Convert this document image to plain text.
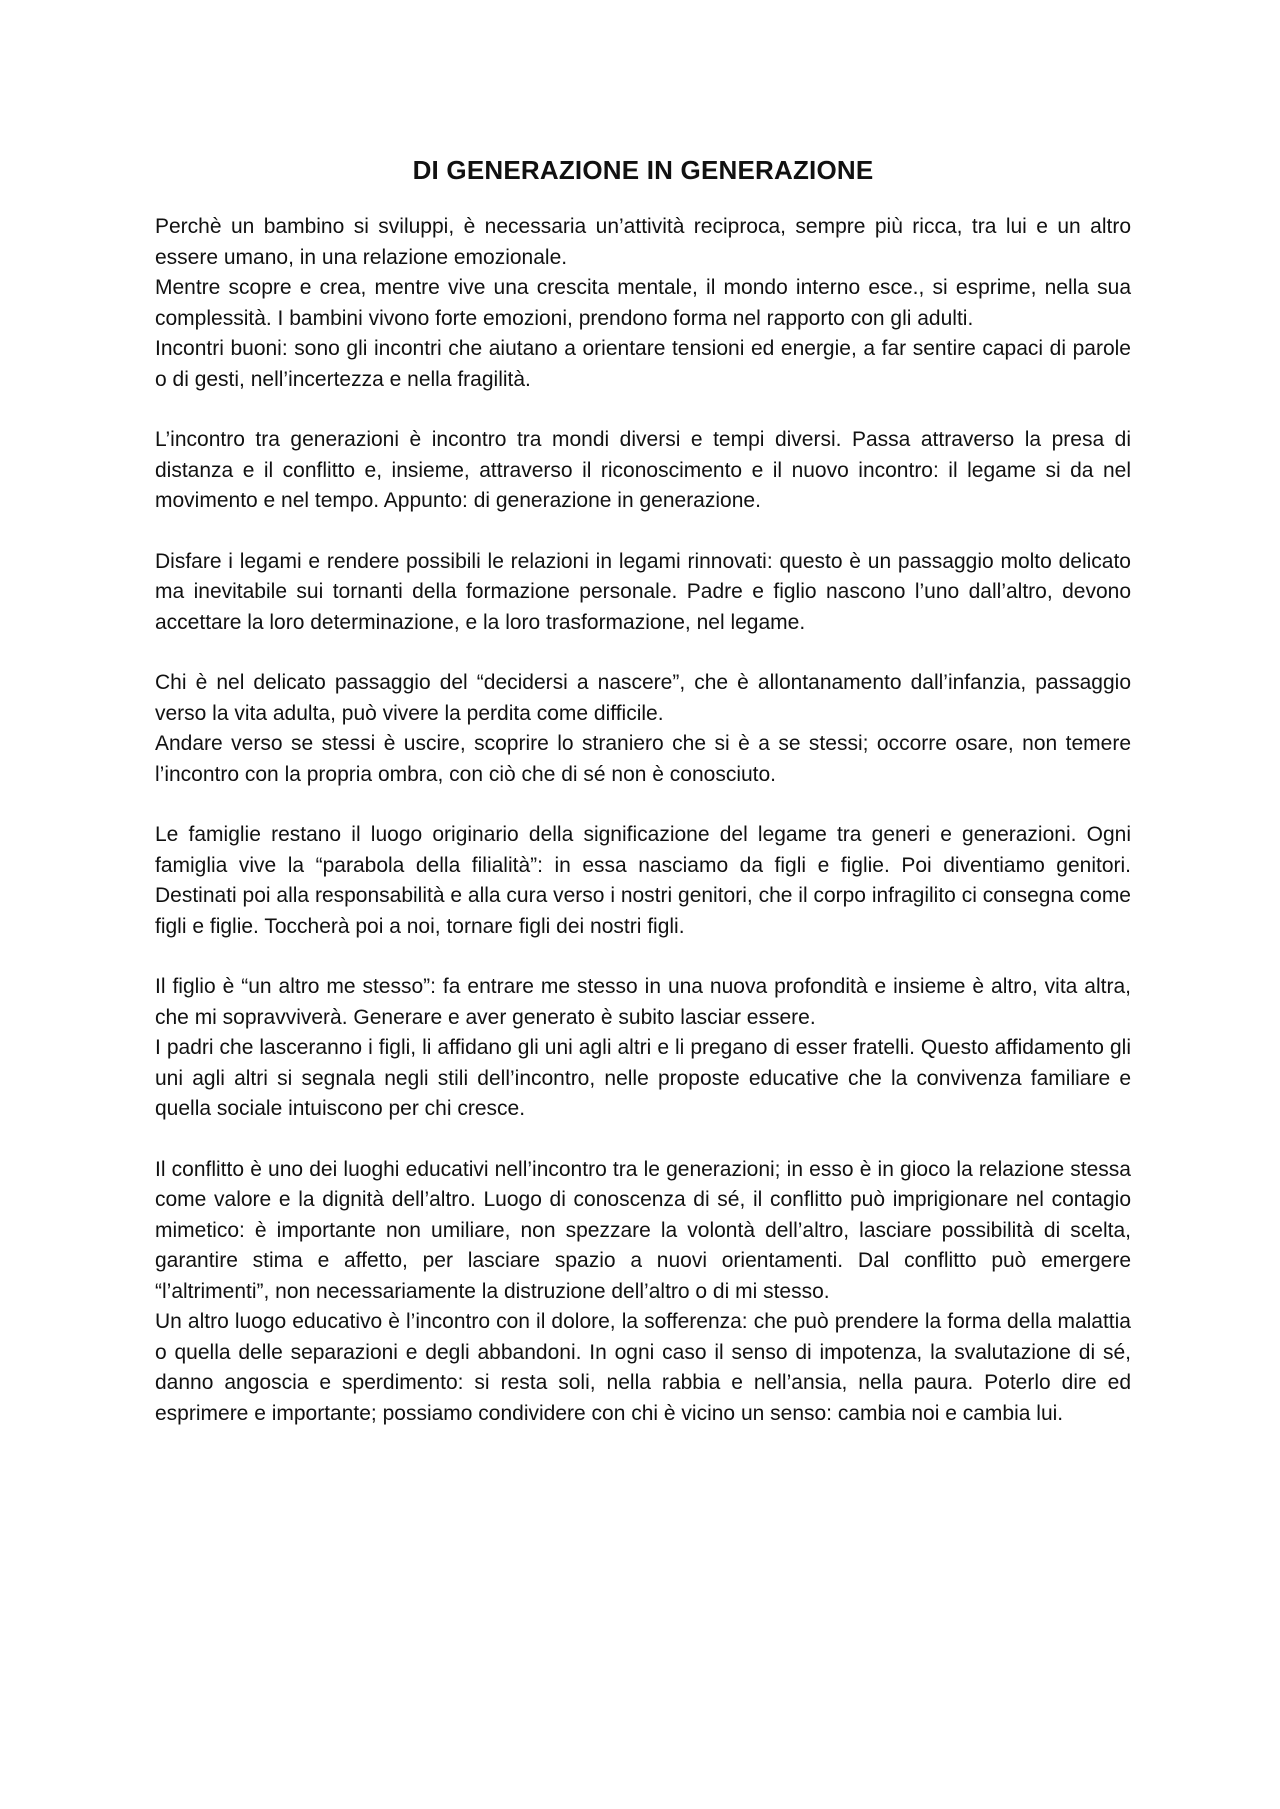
DI GENERAZIONE IN GENERAZIONE

Perchè un bambino si sviluppi, è necessaria un’attività reciproca, sempre più ricca, tra lui e un altro essere umano, in una relazione emozionale.

Mentre scopre e crea, mentre vive una crescita mentale, il mondo interno esce., si esprime, nella sua complessità. I bambini vivono forte emozioni, prendono forma nel rapporto con gli adulti.

Incontri buoni: sono gli incontri che aiutano a orientare tensioni ed energie, a far sentire capaci di parole o di gesti, nell’incertezza e nella fragilità.

L’incontro tra generazioni è incontro tra mondi diversi e tempi diversi. Passa attraverso la presa di distanza e il conflitto e, insieme, attraverso il riconoscimento e il nuovo incontro: il legame si da nel movimento e nel tempo. Appunto: di generazione in generazione.

Disfare i legami e rendere possibili le relazioni in legami rinnovati: questo è un passaggio molto delicato ma inevitabile sui tornanti della formazione personale. Padre e figlio nascono l’uno dall’altro, devono accettare la loro determinazione, e la loro trasformazione, nel legame.

Chi è nel delicato passaggio del “decidersi a nascere”, che è allontanamento dall’infanzia, passaggio verso la vita adulta, può vivere la perdita come difficile.

Andare verso se stessi è uscire, scoprire lo straniero che si è a se stessi; occorre osare, non temere l’incontro con la propria ombra, con ciò che di sé non è conosciuto.

Le famiglie restano il luogo originario della significazione del legame tra generi e generazioni. Ogni famiglia vive la “parabola della filialità”: in essa nasciamo da figli e figlie. Poi diventiamo genitori. Destinati poi alla responsabilità e alla cura verso i nostri genitori, che il corpo infragilito ci consegna come figli e figlie. Toccherà poi a noi, tornare figli dei nostri figli.

Il figlio è “un altro me stesso”: fa entrare me stesso in una nuova profondità e insieme è altro, vita altra, che mi sopravviverà. Generare e aver generato è subito lasciar essere.

I padri che lasceranno i figli, li affidano gli uni agli altri e li pregano di esser fratelli. Questo affidamento gli uni agli altri si segnala negli stili dell’incontro, nelle proposte educative che la convivenza familiare e quella sociale intuiscono per chi cresce.

Il conflitto è uno dei luoghi educativi nell’incontro tra le generazioni; in esso è in gioco la relazione stessa come valore e la dignità dell’altro. Luogo di conoscenza di sé, il conflitto può imprigionare nel contagio mimetico: è importante non umiliare, non spezzare la volontà dell’altro, lasciare possibilità di scelta, garantire stima e affetto, per lasciare spazio a nuovi orientamenti. Dal conflitto può emergere “l’altrimenti”, non necessariamente la distruzione dell’altro o di mi stesso.

Un altro luogo educativo è l’incontro con il dolore, la sofferenza: che può prendere la forma della malattia o quella delle separazioni e degli abbandoni. In ogni caso il senso di impotenza, la svalutazione di sé, danno angoscia e sperdimento: si resta soli, nella rabbia e nell’ansia, nella paura. Poterlo dire ed esprimere e importante; possiamo condividere con chi è vicino un senso: cambia noi e cambia lui.
